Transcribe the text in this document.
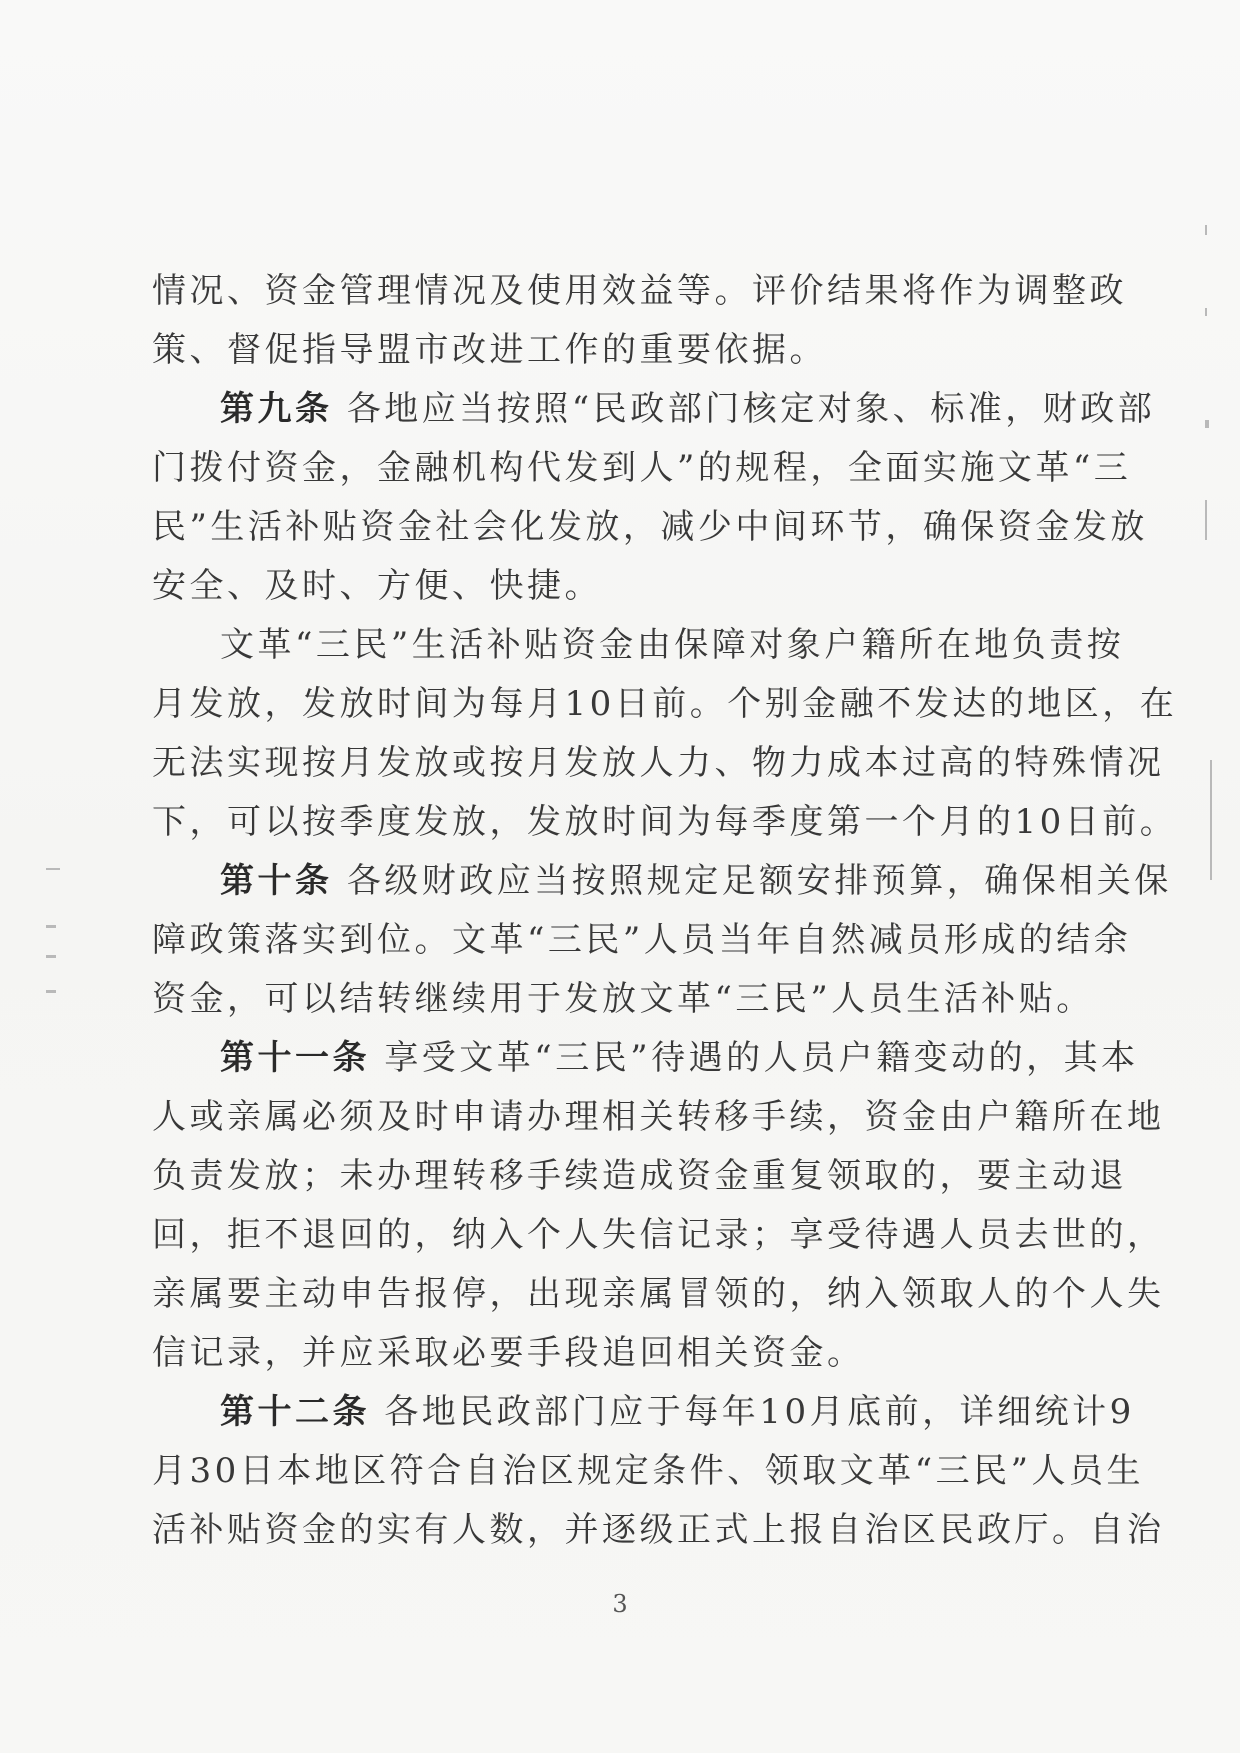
情况、资金管理情况及使用效益等。评价结果将作为调整政
策、督促指导盟市改进工作的重要依据。
第九条 各地应当按照“民政部门核定对象、标准，财政部
门拨付资金，金融机构代发到人”的规程，全面实施文革“三
民”生活补贴资金社会化发放，减少中间环节，确保资金发放
安全、及时、方便、快捷。
文革“三民”生活补贴资金由保障对象户籍所在地负责按
月发放，发放时间为每月10日前。个别金融不发达的地区，在
无法实现按月发放或按月发放人力、物力成本过高的特殊情况
下，可以按季度发放，发放时间为每季度第一个月的10日前。
第十条 各级财政应当按照规定足额安排预算，确保相关保
障政策落实到位。文革“三民”人员当年自然减员形成的结余
资金，可以结转继续用于发放文革“三民”人员生活补贴。
第十一条 享受文革“三民”待遇的人员户籍变动的，其本
人或亲属必须及时申请办理相关转移手续，资金由户籍所在地
负责发放；未办理转移手续造成资金重复领取的，要主动退
回，拒不退回的，纳入个人失信记录；享受待遇人员去世的，
亲属要主动申告报停，出现亲属冒领的，纳入领取人的个人失
信记录，并应采取必要手段追回相关资金。
第十二条 各地民政部门应于每年10月底前，详细统计9
月30日本地区符合自治区规定条件、领取文革“三民”人员生
活补贴资金的实有人数，并逐级正式上报自治区民政厅。自治
3
